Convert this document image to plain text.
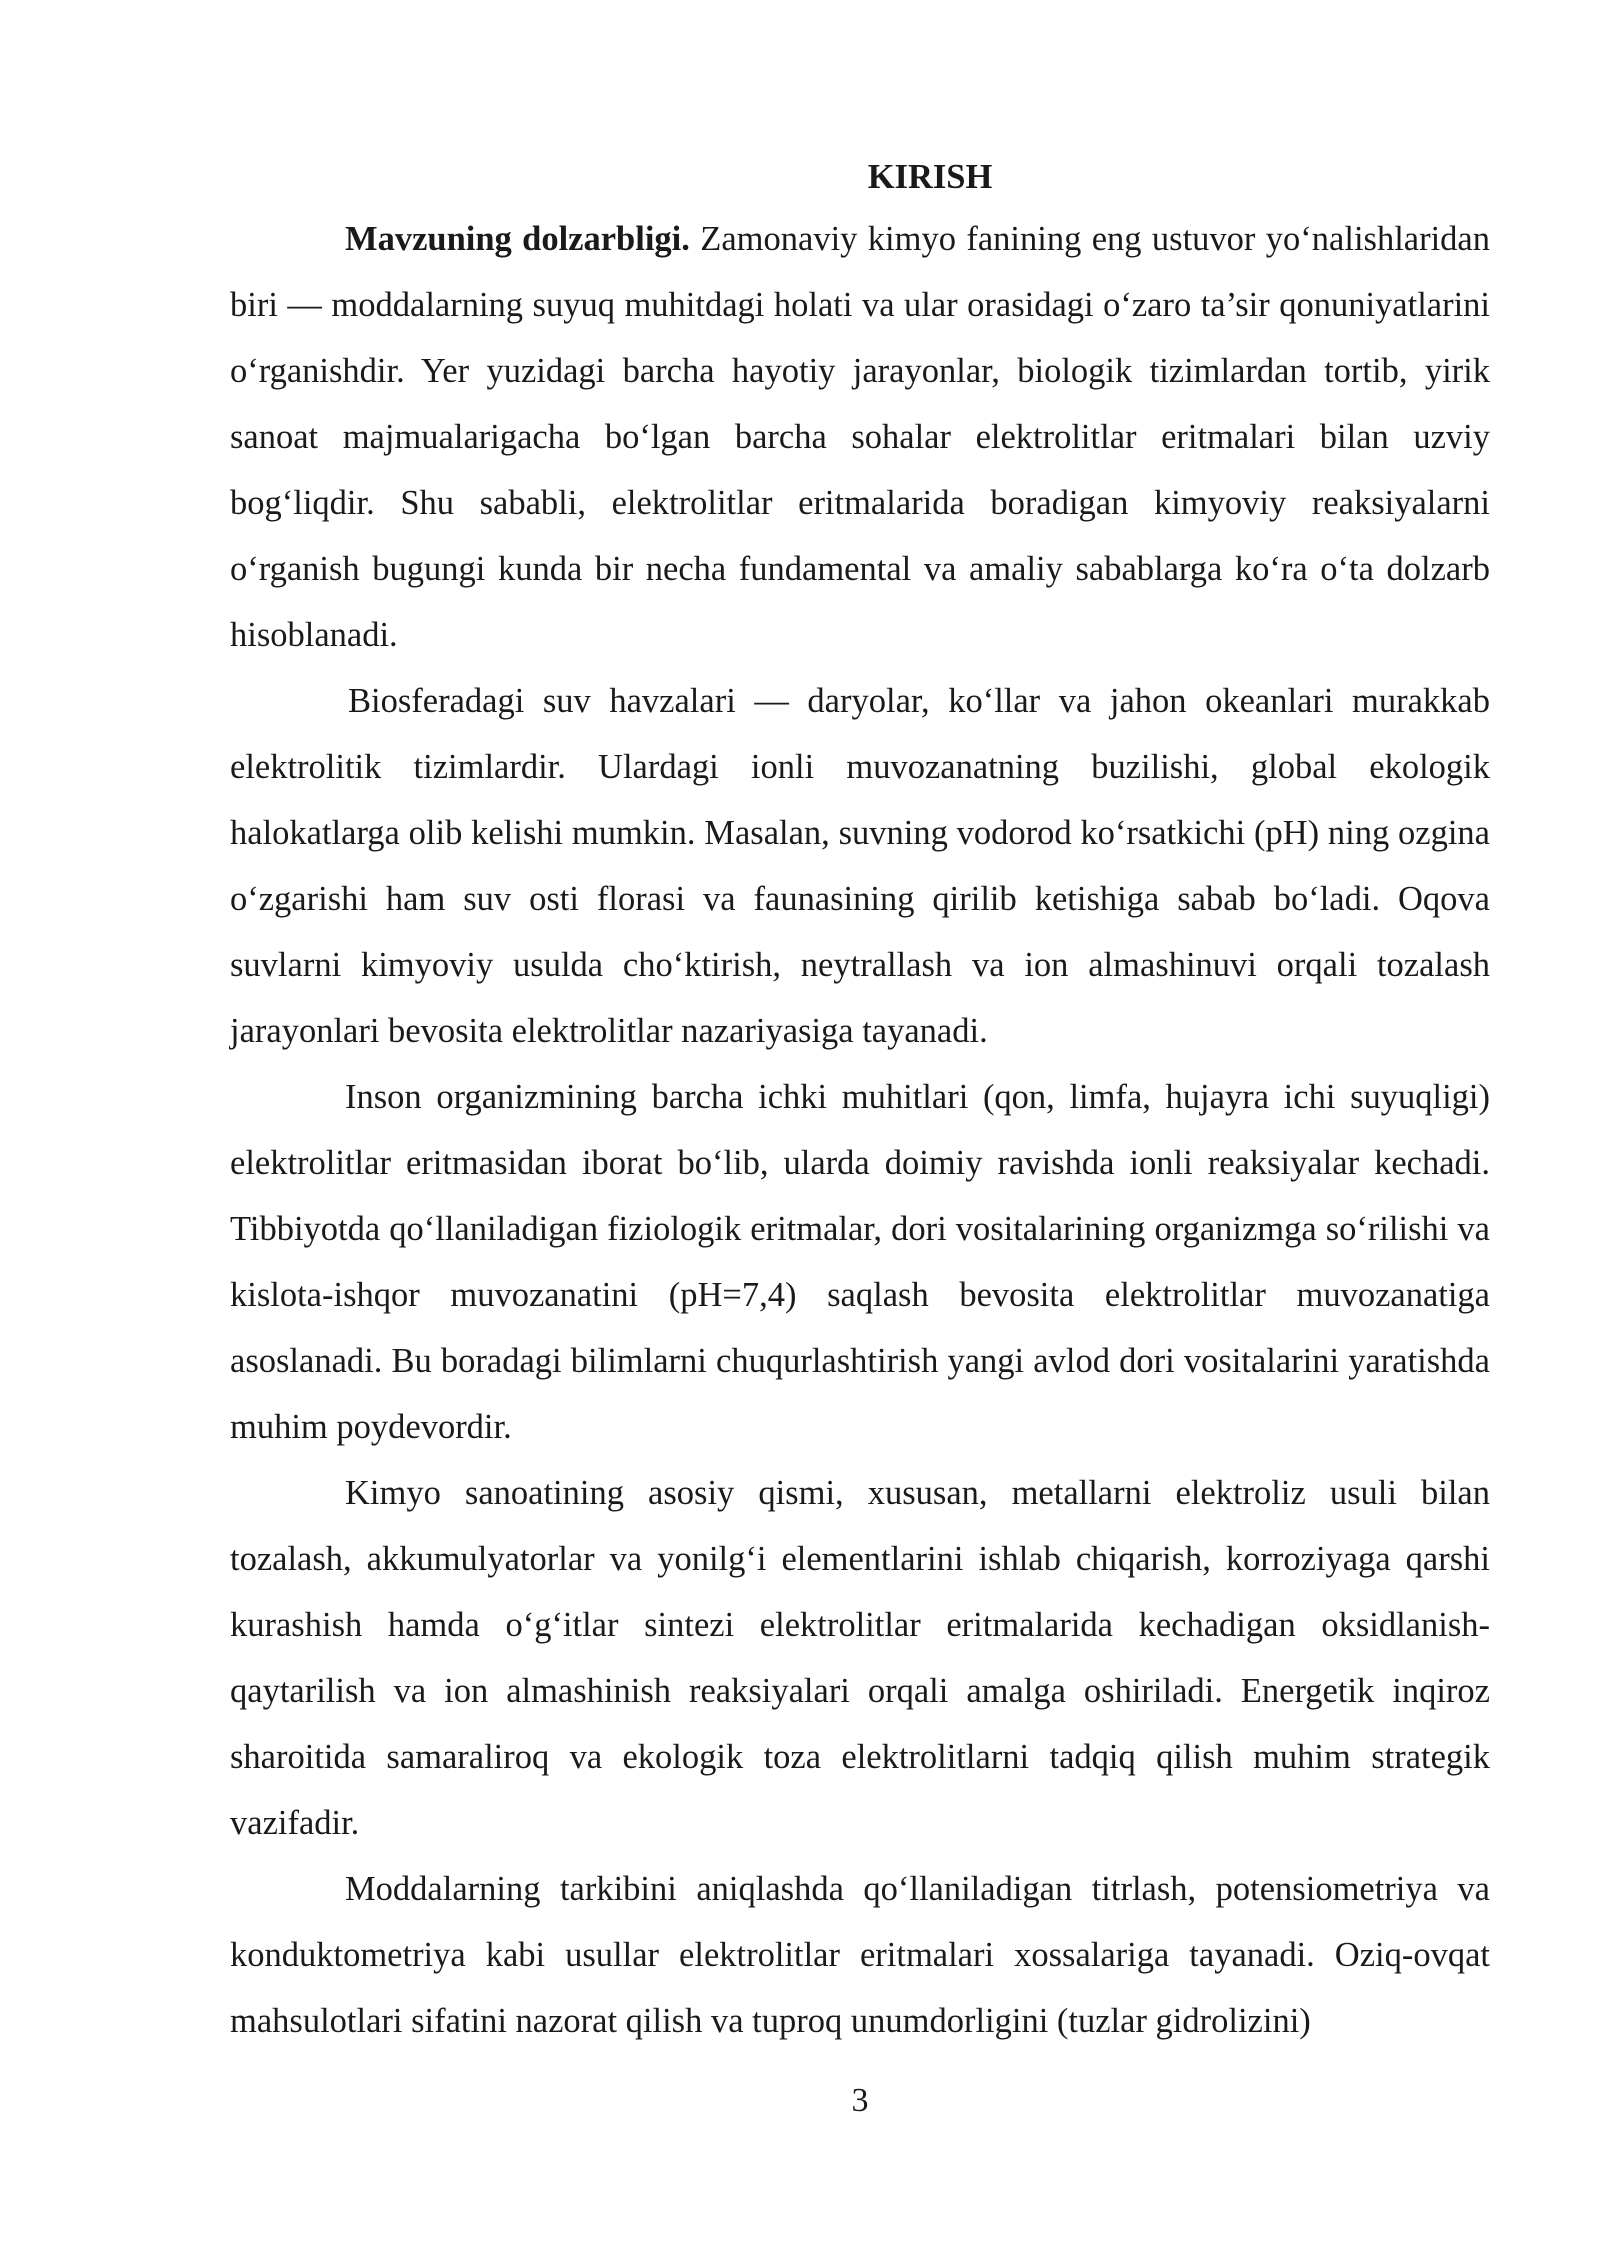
KIRISH

Mavzuning dolzarbligi. Zamonaviy kimyo fanining eng ustuvor yo‘nalishlaridan biri — moddalarning suyuq muhitdagi holati va ular orasidagi o‘zaro ta’sir qonuniyatlarini o‘rganishdir. Yer yuzidagi barcha hayotiy jarayonlar, biologik tizimlardan tortib, yirik sanoat majmualarigacha bo‘lgan barcha sohalar elektrolitlar eritmalari bilan uzviy bog‘liqdir. Shu sababli, elektrolitlar eritmalarida boradigan kimyoviy reaksiyalarni o‘rganish bugungi kunda bir necha fundamental va amaliy sabablarga ko‘ra o‘ta dolzarb hisoblanadi.

Biosferadagi suv havzalari — daryolar, ko‘llar va jahon okeanlari murakkab elektrolitik tizimlardir. Ulardagi ionli muvozanatning buzilishi, global ekologik halokatlarga olib kelishi mumkin. Masalan, suvning vodorod ko‘rsatkichi (pH) ning ozgina o‘zgarishi ham suv osti florasi va faunasining qirilib ketishiga sabab bo‘ladi. Oqova suvlarni kimyoviy usulda cho‘ktirish, neytrallash va ion almashinuvi orqali tozalash jarayonlari bevosita elektrolitlar nazariyasiga tayanadi.

Inson organizmining barcha ichki muhitlari (qon, limfa, hujayra ichi suyuqligi) elektrolitlar eritmasidan iborat bo‘lib, ularda doimiy ravishda ionli reaksiyalar kechadi. Tibbiyotda qo‘llaniladigan fiziologik eritmalar, dori vositalarining organizmga so‘rilishi va kislota-ishqor muvozanatini (pH=7,4) saqlash bevosita elektrolitlar muvozanatiga asoslanadi. Bu boradagi bilimlarni chuqurlashtirish yangi avlod dori vositalarini yaratishda muhim poydevordir.

Kimyo sanoatining asosiy qismi, xususan, metallarni elektroliz usuli bilan tozalash, akkumulyatorlar va yonilg‘i elementlarini ishlab chiqarish, korroziyaga qarshi kurashish hamda o‘g‘itlar sintezi elektrolitlar eritmalarida kechadigan oksidlanish-qaytarilish va ion almashinish reaksiyalari orqali amalga oshiriladi. Energetik inqiroz sharoitida samaraliroq va ekologik toza elektrolitlarni tadqiq qilish muhim strategik vazifadir.

Moddalarning tarkibini aniqlashda qo‘llaniladigan titrlash, potensiometriya va konduktometriya kabi usullar elektrolitlar eritmalari xossalariga tayanadi. Oziq-ovqat mahsulotlari sifatini nazorat qilish va tuproq unumdorligini (tuzlar gidrolizini)

3
